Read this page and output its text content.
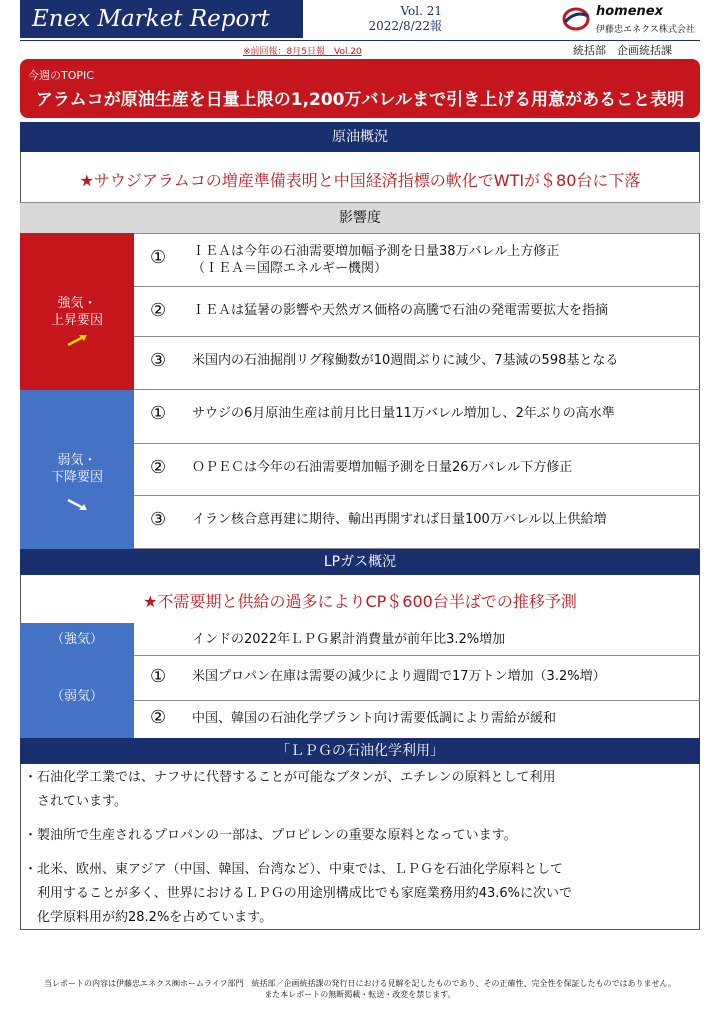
Enex Market Report	Vol. 21
2022/8/22報
homenex
伊藤忠エネクス株式会社
※前回報：8月5日報　Vol.20	統括部　企画統括課
今週のTOPIC
アラムコが原油生産を日量上限の1,200万バレルまで引き上げる用意があること表明
原油概況
★サウジアラムコの増産準備表明と中国経済指標の軟化でWTIが＄80台に下落
影響度
強気・
上昇要因
① ＩＥＡは今年の石油需要増加幅予測を日量38万バレル上方修正
（ＩＥＡ＝国際エネルギー機関）
② ＩＥＡは猛暑の影響や天然ガス価格の高騰で石油の発電需要拡大を指摘
③ 米国内の石油掘削リグ稼働数が10週間ぶりに減少、7基減の598基となる
弱気・
下降要因
① サウジの6月原油生産は前月比日量11万バレル増加し、2年ぶりの高水準
② ＯＰＥＣは今年の石油需要増加幅予測を日量26万バレル下方修正
③ イラン核合意再建に期待、輸出再開すれば日量100万バレル以上供給増
LPガス概況
★不需要期と供給の過多によりCP＄600台半ばでの推移予測
（強気）	インドの2022年ＬＰＧ累計消費量が前年比3.2%増加
（弱気）
① 米国プロパン在庫は需要の減少により週間で17万トン増加（3.2%増）
② 中国、韓国の石油化学プラント向け需要低調により需給が緩和
「ＬＰＧの石油化学利用」

・石油化学工業では、ナフサに代替することが可能なブタンが、エチレンの原料として利用

　されています。

・製油所で生産されるプロパンの一部は、プロピレンの重要な原料となっています。

・北米、欧州、東アジア（中国、韓国、台湾など）、中東では、ＬＰＧを石油化学原料として

　利用することが多く、世界におけるＬＰＧの用途別構成比でも家庭業務用約43.6%に次いで

　化学原料用が約28.2%を占めています。

当レポートの内容は伊藤忠エネクス㈱ホームライフ部門　統括部／企画統括課の発行日における見解を記したものであり、その正確性、完全性を保証したものではありません。
また本レポートの無断掲載・転送・改変を禁じます。
